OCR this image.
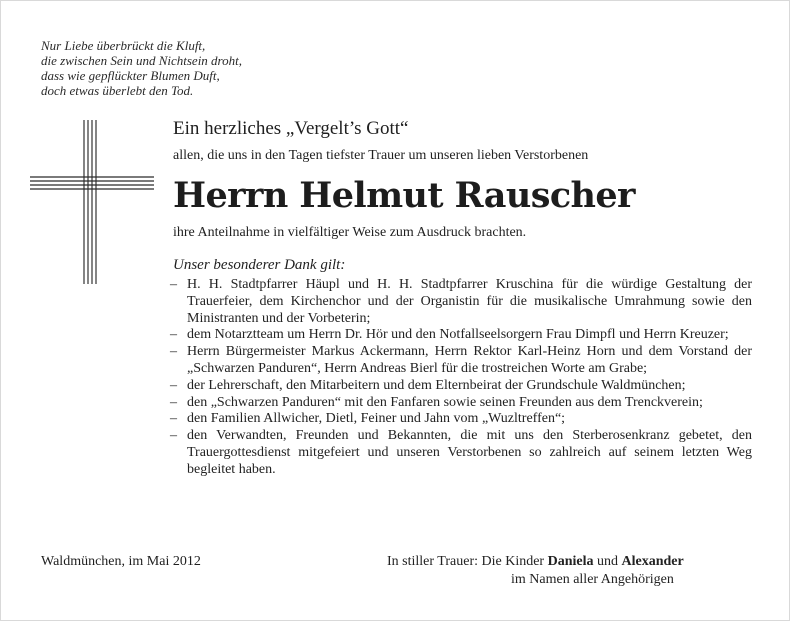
Nur Liebe überbrückt die Kluft,
die zwischen Sein und Nichtsein droht,
dass wie gepflückter Blumen Duft,
doch etwas überlebt den Tod.
Ein herzliches „Vergelt’s Gott“
allen, die uns in den Tagen tiefster Trauer um unseren lieben Verstorbenen
Herrn Helmut Rauscher
ihre Anteilnahme in vielfältiger Weise zum Ausdruck brachten.
Unser besonderer Dank gilt:
– H. H. Stadtpfarrer Häupl und H. H. Stadtpfarrer Kruschina für die würdige Gestaltung der Trauerfeier, dem Kirchenchor und der Organistin für die musikalische Umrahmung sowie den Ministranten und der Vorbeterin;
– dem Notarztteam um Herrn Dr. Hör und den Notfallseelsorgern Frau Dimpfl und Herrn Kreuzer;
– Herrn Bürgermeister Markus Ackermann, Herrn Rektor Karl-Heinz Horn und dem Vorstand der „Schwarzen Panduren“, Herrn Andreas Bierl für die trostreichen Worte am Grabe;
– der Lehrerschaft, den Mitarbeitern und dem Elternbeirat der Grundschule Waldmünchen;
– den „Schwarzen Panduren“ mit den Fanfaren sowie seinen Freunden aus dem Trenckverein;
– den Familien Allwicher, Dietl, Feiner und Jahn vom „Wuzltreffen“;
– den Verwandten, Freunden und Bekannten, die mit uns den Sterberosenkranz gebetet, den Trauergottesdienst mitgefeiert und unseren Verstorbenen so zahlreich auf seinem letzten Weg begleitet haben.
Waldmünchen, im Mai 2012	In stiller Trauer: Die Kinder Daniela und Alexander
im Namen aller Angehörigen
